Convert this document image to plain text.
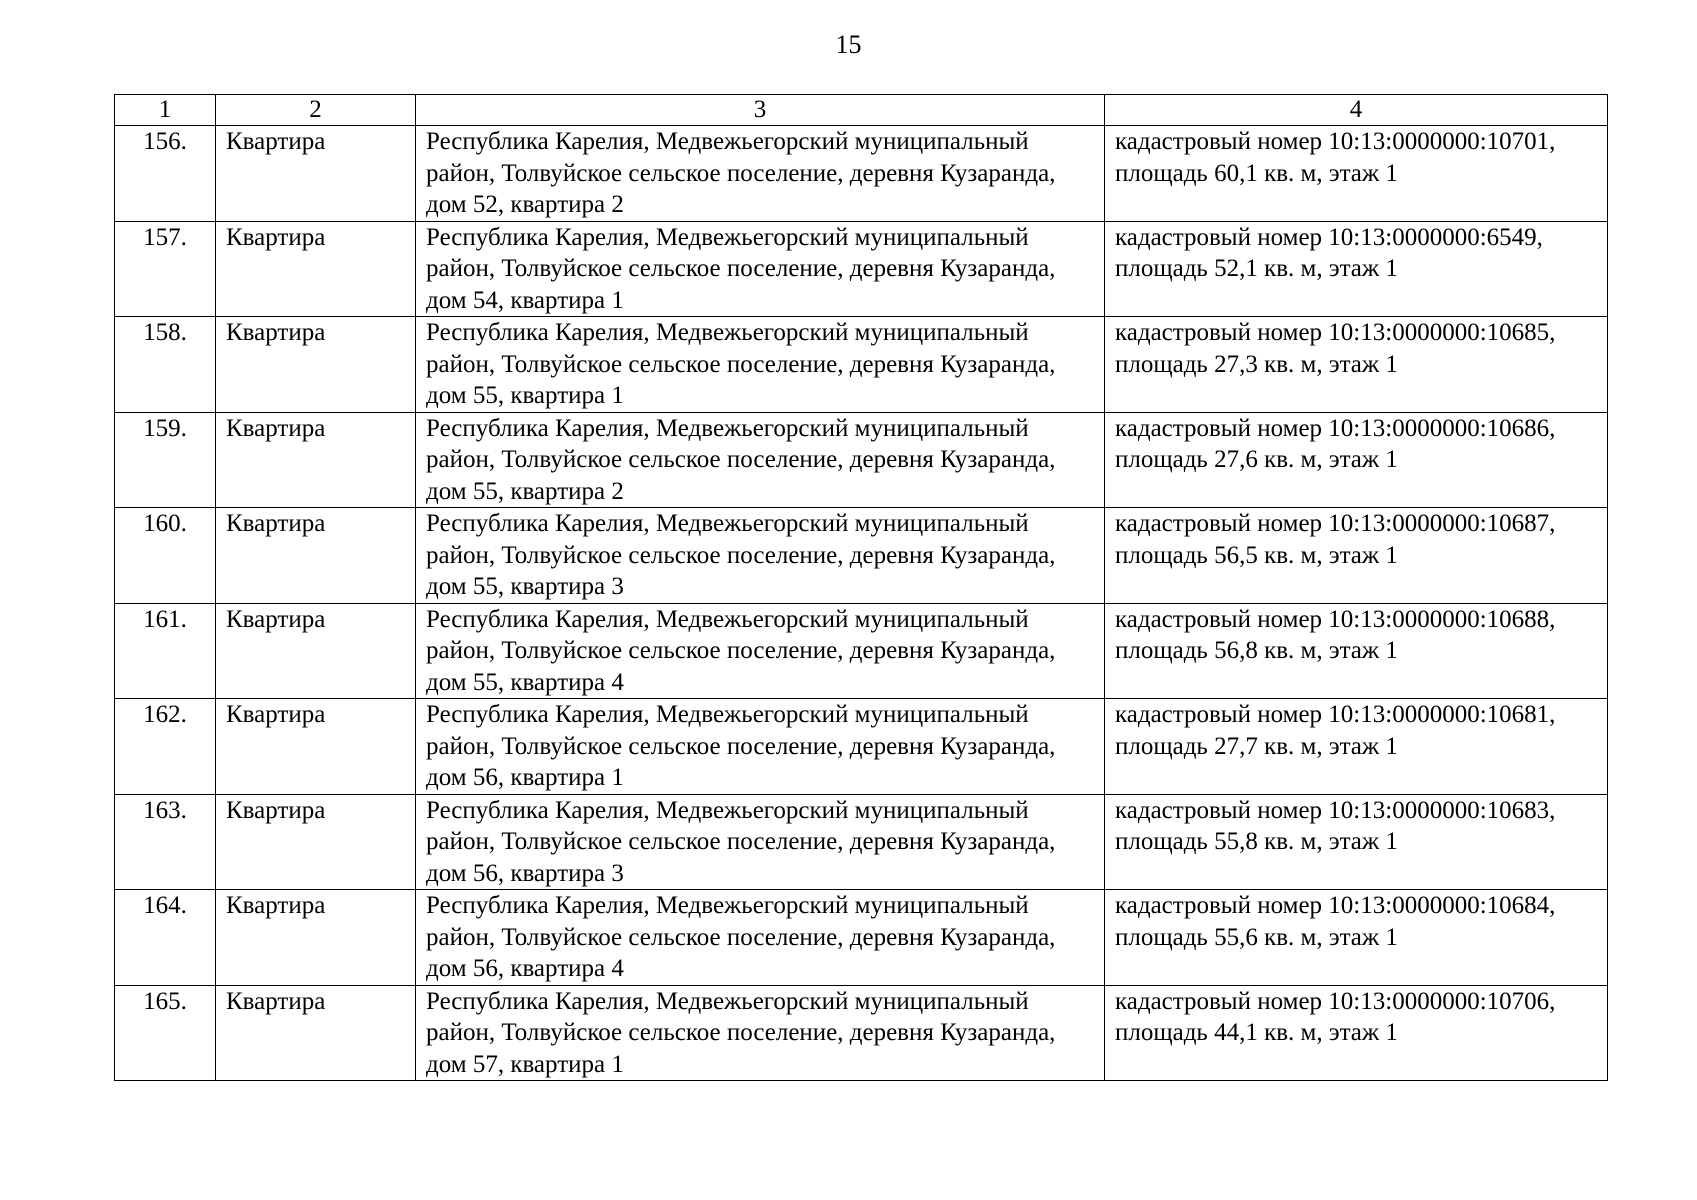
15
1	2	3	4
156.	Квартира	Республика Карелия, Медвежьегорский муниципальный район, Толвуйское сельское поселение, деревня Кузаранда, дом 52, квартира 2	кадастровый номер 10:13:0000000:10701, площадь 60,1 кв. м, этаж 1
157.	Квартира	Республика Карелия, Медвежьегорский муниципальный район, Толвуйское сельское поселение, деревня Кузаранда, дом 54, квартира 1	кадастровый номер 10:13:0000000:6549, площадь 52,1 кв. м, этаж 1
158.	Квартира	Республика Карелия, Медвежьегорский муниципальный район, Толвуйское сельское поселение, деревня Кузаранда, дом 55, квартира 1	кадастровый номер 10:13:0000000:10685, площадь 27,3 кв. м, этаж 1
159.	Квартира	Республика Карелия, Медвежьегорский муниципальный район, Толвуйское сельское поселение, деревня Кузаранда, дом 55, квартира 2	кадастровый номер 10:13:0000000:10686, площадь 27,6 кв. м, этаж 1
160.	Квартира	Республика Карелия, Медвежьегорский муниципальный район, Толвуйское сельское поселение, деревня Кузаранда, дом 55, квартира 3	кадастровый номер 10:13:0000000:10687, площадь 56,5 кв. м, этаж 1
161.	Квартира	Республика Карелия, Медвежьегорский муниципальный район, Толвуйское сельское поселение, деревня Кузаранда, дом 55, квартира 4	кадастровый номер 10:13:0000000:10688, площадь 56,8 кв. м, этаж 1
162.	Квартира	Республика Карелия, Медвежьегорский муниципальный район, Толвуйское сельское поселение, деревня Кузаранда, дом 56, квартира 1	кадастровый номер 10:13:0000000:10681, площадь 27,7 кв. м, этаж 1
163.	Квартира	Республика Карелия, Медвежьегорский муниципальный район, Толвуйское сельское поселение, деревня Кузаранда, дом 56, квартира 3	кадастровый номер 10:13:0000000:10683, площадь 55,8 кв. м, этаж 1
164.	Квартира	Республика Карелия, Медвежьегорский муниципальный район, Толвуйское сельское поселение, деревня Кузаранда, дом 56, квартира 4	кадастровый номер 10:13:0000000:10684, площадь 55,6 кв. м, этаж 1
165.	Квартира	Республика Карелия, Медвежьегорский муниципальный район, Толвуйское сельское поселение, деревня Кузаранда, дом 57, квартира 1	кадастровый номер 10:13:0000000:10706, площадь 44,1 кв. м, этаж 1
